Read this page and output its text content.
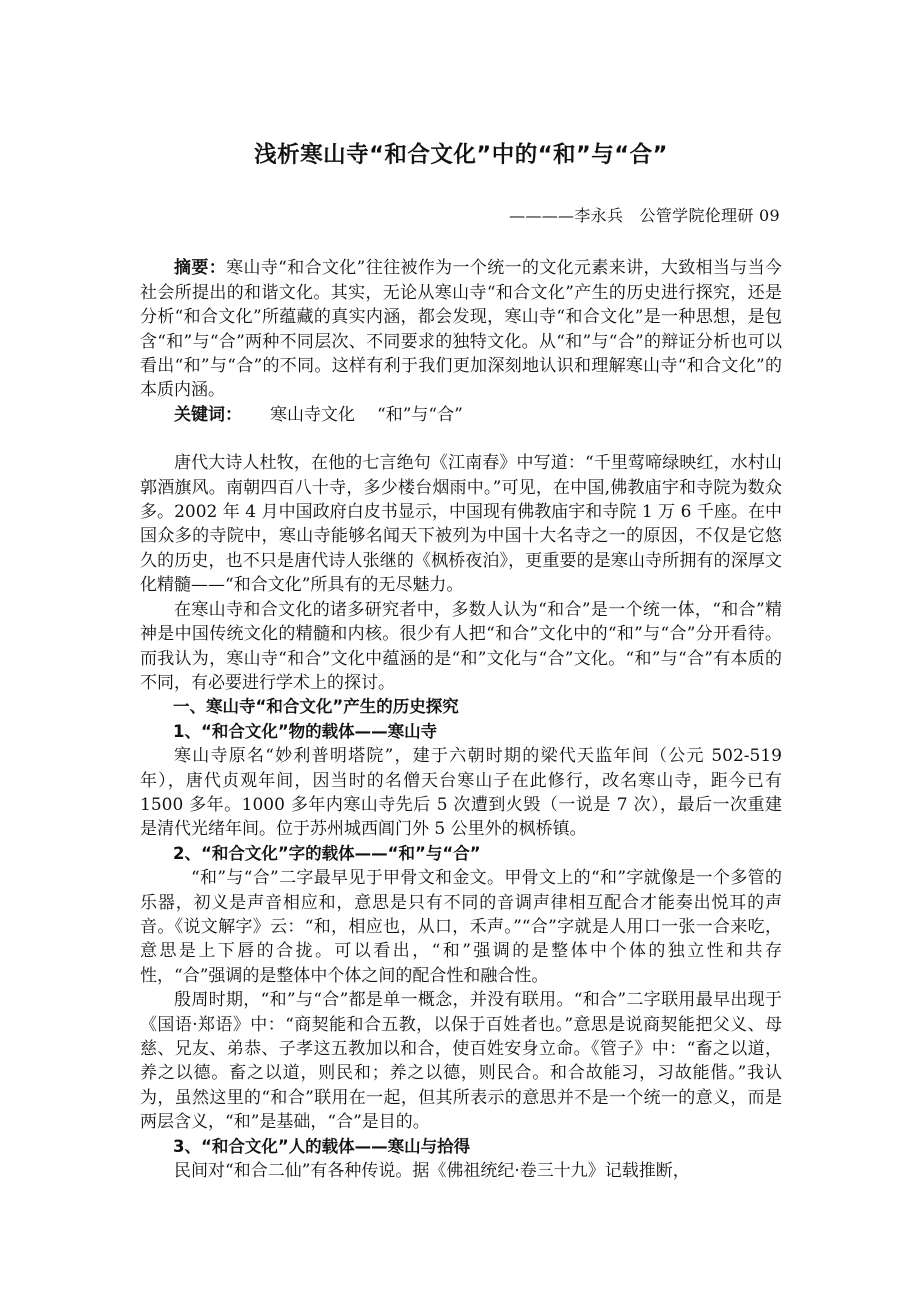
浅析寒山寺“和合文化”中的“和”与“合”
————李永兵　公管学院伦理研 09

摘要：寒山寺“和合文化”往往被作为一个统一的文化元素来讲，大致相当与当今社会所提出的和谐文化。其实，无论从寒山寺“和合文化”产生的历史进行探究，还是分析“和合文化”所蕴藏的真实内涵，都会发现，寒山寺“和合文化”是一种思想，是包含“和”与“合”两种不同层次、不同要求的独特文化。从“和”与“合”的辩证分析也可以看出“和”与“合”的不同。这样有利于我们更加深刻地认识和理解寒山寺“和合文化”的本质内涵。

关键词： 寒山寺文化 “和”与“合”

唐代大诗人杜牧，在他的七言绝句《江南春》中写道：“千里莺啼绿映红，水村山郭酒旗风。南朝四百八十寺，多少楼台烟雨中。”可见，在中国,佛教庙宇和寺院为数众多。2002 年 4 月中国政府白皮书显示，中国现有佛教庙宇和寺院 1 万 6 千座。在中国众多的寺院中，寒山寺能够名闻天下被列为中国十大名寺之一的原因，不仅是它悠久的历史，也不只是唐代诗人张继的《枫桥夜泊》，更重要的是寒山寺所拥有的深厚文化精髓——“和合文化”所具有的无尽魅力。

在寒山寺和合文化的诸多研究者中，多数人认为“和合”是一个统一体，“和合”精神是中国传统文化的精髓和内核。很少有人把“和合”文化中的“和”与“合”分开看待。而我认为，寒山寺“和合”文化中蕴涵的是“和”文化与“合”文化。“和”与“合”有本质的不同，有必要进行学术上的探讨。

一、寒山寺“和合文化”产生的历史探究
1、“和合文化”物的载体——寒山寺

寒山寺原名“妙利普明塔院”，建于六朝时期的梁代天监年间（公元 502-519 年），唐代贞观年间，因当时的名僧天台寒山子在此修行，改名寒山寺，距今已有 1500 多年。1000 多年内寒山寺先后 5 次遭到火毁（一说是 7 次），最后一次重建是清代光绪年间。位于苏州城西阊门外 5 公里外的枫桥镇。

2、“和合文化”字的载体——“和”与“合”

“和”与“合”二字最早见于甲骨文和金文。甲骨文上的“和”字就像是一个多管的乐器，初义是声音相应和，意思是只有不同的音调声律相互配合才能奏出悦耳的声音。《说文解字》云：“和，相应也，从口，禾声。”“合”字就是人用口一张一合来吃，意思是上下唇的合拢。可以看出，“和”强调的是整体中个体的独立性和共存性，“合”强调的是整体中个体之间的配合性和融合性。

殷周时期，“和”与“合”都是单一概念，并没有联用。“和合”二字联用最早出现于《国语·郑语》中：“商契能和合五教，以保于百姓者也。”意思是说商契能把父义、母慈、兄友、弟恭、子孝这五教加以和合，使百姓安身立命。《管子》中：“畜之以道，养之以德。畜之以道，则民和；养之以德，则民合。和合故能习，习故能偕。”我认为，虽然这里的“和合”联用在一起，但其所表示的意思并不是一个统一的意义，而是两层含义，“和”是基础，“合”是目的。

3、“和合文化”人的载体——寒山与拾得

民间对“和合二仙”有各种传说。据《佛祖统纪·卷三十九》记载推断，
